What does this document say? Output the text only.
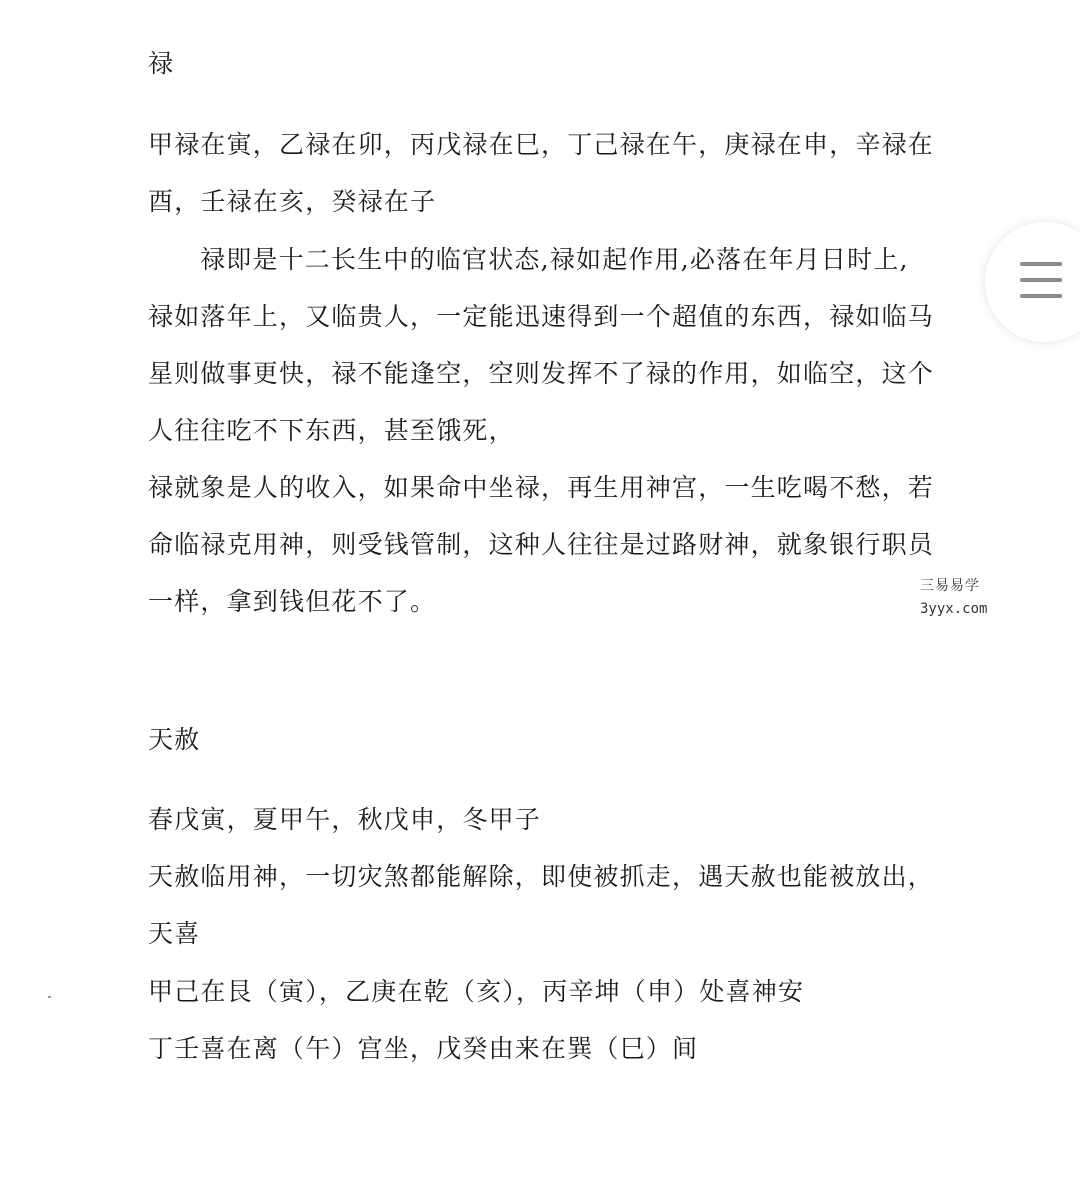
禄
甲禄在寅，乙禄在卯，丙戊禄在巳，丁己禄在午，庚禄在申，辛禄在
酉，壬禄在亥，癸禄在子
禄即是十二长生中的临官状态,禄如起作用,必落在年月日时上,
禄如落年上，又临贵人，一定能迅速得到一个超值的东西，禄如临马
星则做事更快，禄不能逢空，空则发挥不了禄的作用，如临空，这个
人往往吃不下东西，甚至饿死，
禄就象是人的收入，如果命中坐禄，再生用神宫，一生吃喝不愁，若
命临禄克用神，则受钱管制，这种人往往是过路财神，就象银行职员
一样，拿到钱但花不了。
天赦
春戊寅，夏甲午，秋戊申，冬甲子
天赦临用神，一切灾煞都能解除，即使被抓走，遇天赦也能被放出，
天喜
甲己在艮（寅），乙庚在乾（亥），丙辛坤（申）处喜神安
丁壬喜在离（午）宫坐，戊癸由来在巽（巳）间
三易易学
3yyx.com
